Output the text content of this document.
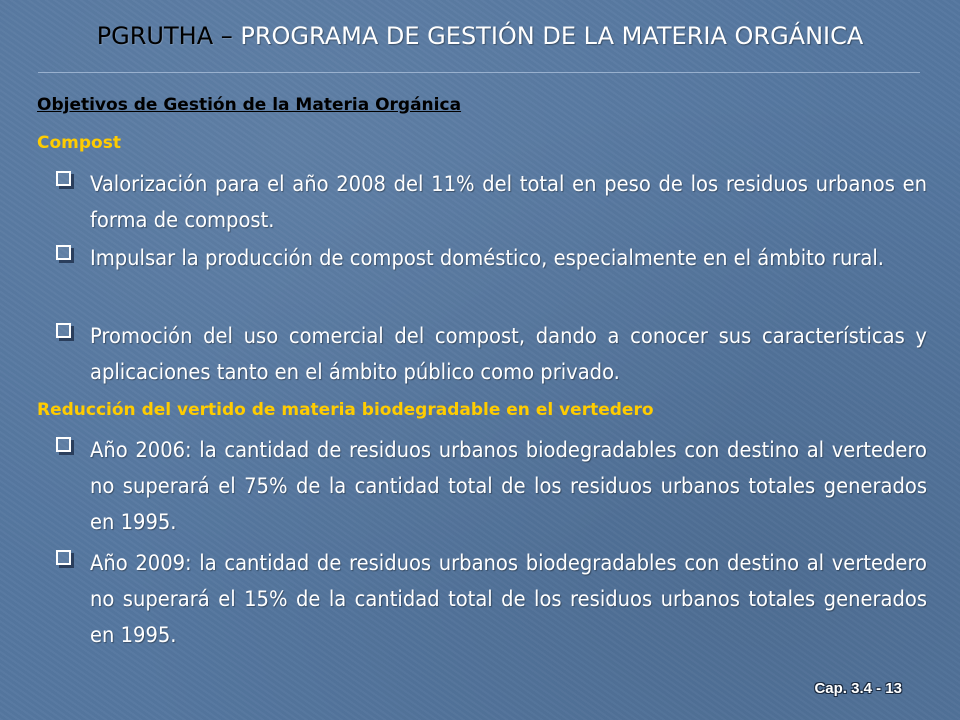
PGRUTHA – PROGRAMA DE GESTIÓN DE LA MATERIA ORGÁNICA
Objetivos de Gestión de la Materia Orgánica
Compost
Valorización para el año 2008 del 11% del total en peso de los residuos urbanos en forma de compost.
Impulsar la producción de compost doméstico, especialmente en el ámbito rural.
Promoción del uso comercial del compost, dando a conocer sus características y aplicaciones tanto en el ámbito público como privado.
Reducción del vertido de materia biodegradable en el vertedero
Año 2006: la cantidad de residuos urbanos biodegradables con destino al vertedero no superará el 75% de la cantidad total de los residuos urbanos totales generados en 1995.
Año 2009: la cantidad de residuos urbanos biodegradables con destino al vertedero no superará el 15% de la cantidad total de los residuos urbanos totales generados en 1995.
Cap. 3.4 - 13
